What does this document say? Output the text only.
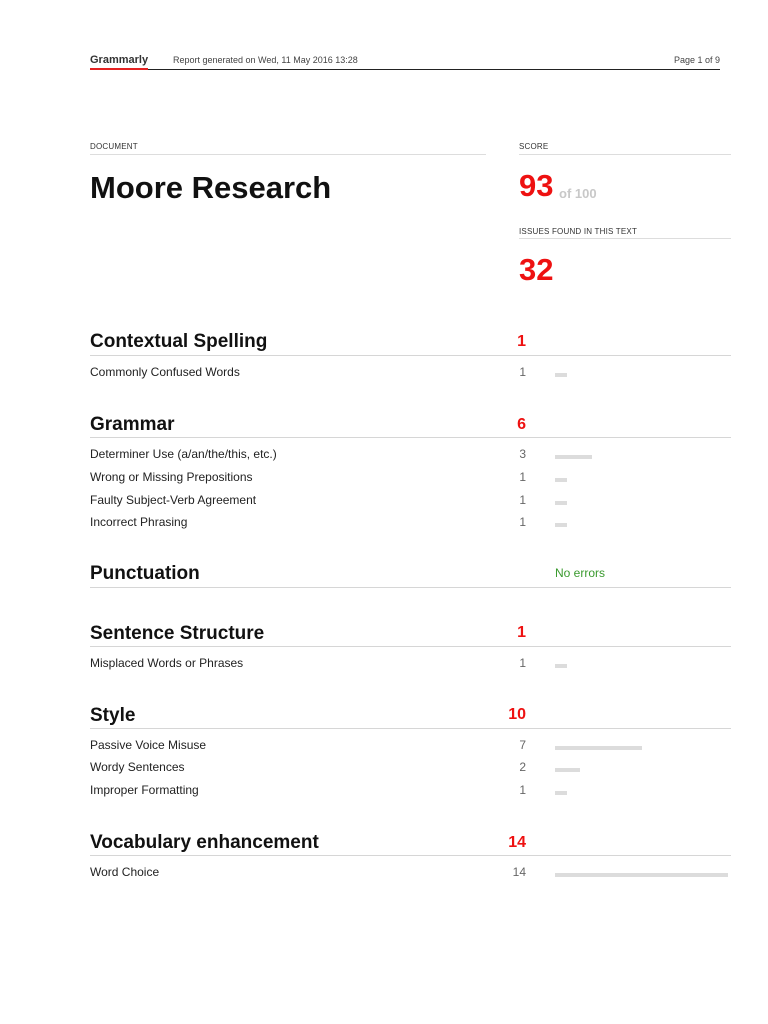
Grammarly	Report generated on Wed, 11 May 2016 13:28	Page 1 of 9
DOCUMENT
Moore Research
SCORE
93 of 100
ISSUES FOUND IN THIS TEXT
32
Contextual Spelling	1
Commonly Confused Words	1
Grammar	6
Determiner Use (a/an/the/this, etc.)	3
Wrong or Missing Prepositions	1
Faulty Subject-Verb Agreement	1
Incorrect Phrasing	1
Punctuation	No errors
Sentence Structure	1
Misplaced Words or Phrases	1
Style	10
Passive Voice Misuse	7
Wordy Sentences	2
Improper Formatting	1
Vocabulary enhancement	14
Word Choice	14
